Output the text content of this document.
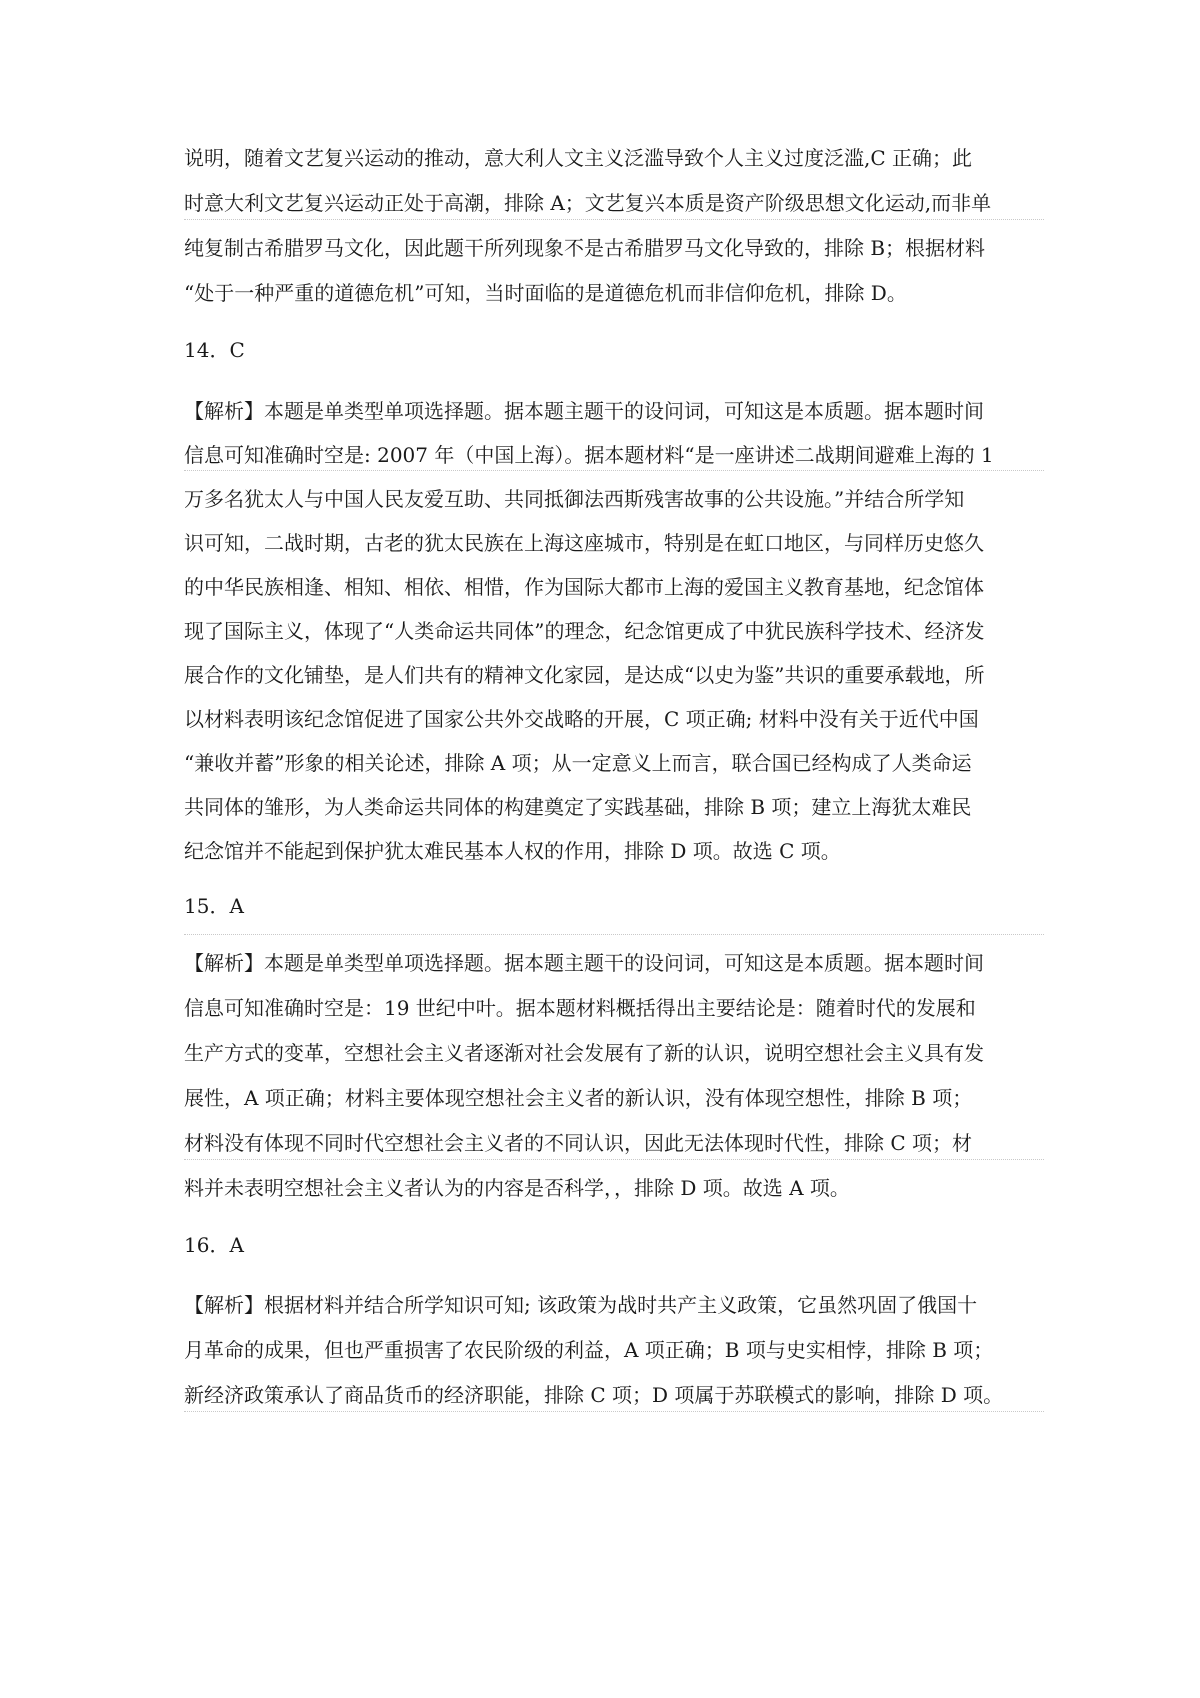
说明，随着文艺复兴运动的推动，意大利人文主义泛滥导致个人主义过度泛滥,C 正确；此
时意大利文艺复兴运动正处于高潮，排除 A；文艺复兴本质是资产阶级思想文化运动,而非单
纯复制古希腊罗马文化，因此题干所列现象不是古希腊罗马文化导致的，排除 B；根据材料
“处于一种严重的道德危机”可知，当时面临的是道德危机而非信仰危机，排除 D。
14．C
【解析】本题是单类型单项选择题。据本题主题干的设问词，可知这是本质题。据本题时间
信息可知准确时空是: 2007 年（中国上海）。据本题材料“是一座讲述二战期间避难上海的 1
万多名犹太人与中国人民友爱互助、共同抵御法西斯残害故事的公共设施。”并结合所学知
识可知，二战时期，古老的犹太民族在上海这座城市，特别是在虹口地区，与同样历史悠久
的中华民族相逢、相知、相依、相惜，作为国际大都市上海的爱国主义教育基地，纪念馆体
现了国际主义，体现了“人类命运共同体”的理念，纪念馆更成了中犹民族科学技术、经济发
展合作的文化铺垫，是人们共有的精神文化家园，是达成“以史为鉴”共识的重要承载地，所
以材料表明该纪念馆促进了国家公共外交战略的开展，C 项正确; 材料中没有关于近代中国
“兼收并蓄”形象的相关论述，排除 A 项；从一定意义上而言，联合国已经构成了人类命运
共同体的雏形，为人类命运共同体的构建奠定了实践基础，排除 B 项；建立上海犹太难民
纪念馆并不能起到保护犹太难民基本人权的作用，排除 D 项。故选 C 项。
15．A
【解析】本题是单类型单项选择题。据本题主题干的设问词，可知这是本质题。据本题时间
信息可知准确时空是：19 世纪中叶。据本题材料概括得出主要结论是：随着时代的发展和
生产方式的变革，空想社会主义者逐渐对社会发展有了新的认识，说明空想社会主义具有发
展性，A 项正确；材料主要体现空想社会主义者的新认识，没有体现空想性，排除 B 项；
材料没有体现不同时代空想社会主义者的不同认识，因此无法体现时代性，排除 C 项；材
料并未表明空想社会主义者认为的内容是否科学，，排除 D 项。故选 A 项。
16．A
【解析】根据材料并结合所学知识可知; 该政策为战时共产主义政策，它虽然巩固了俄国十
月革命的成果，但也严重损害了农民阶级的利益，A 项正确；B 项与史实相悖，排除 B 项；
新经济政策承认了商品货币的经济职能，排除 C 项；D 项属于苏联模式的影响，排除 D 项。
